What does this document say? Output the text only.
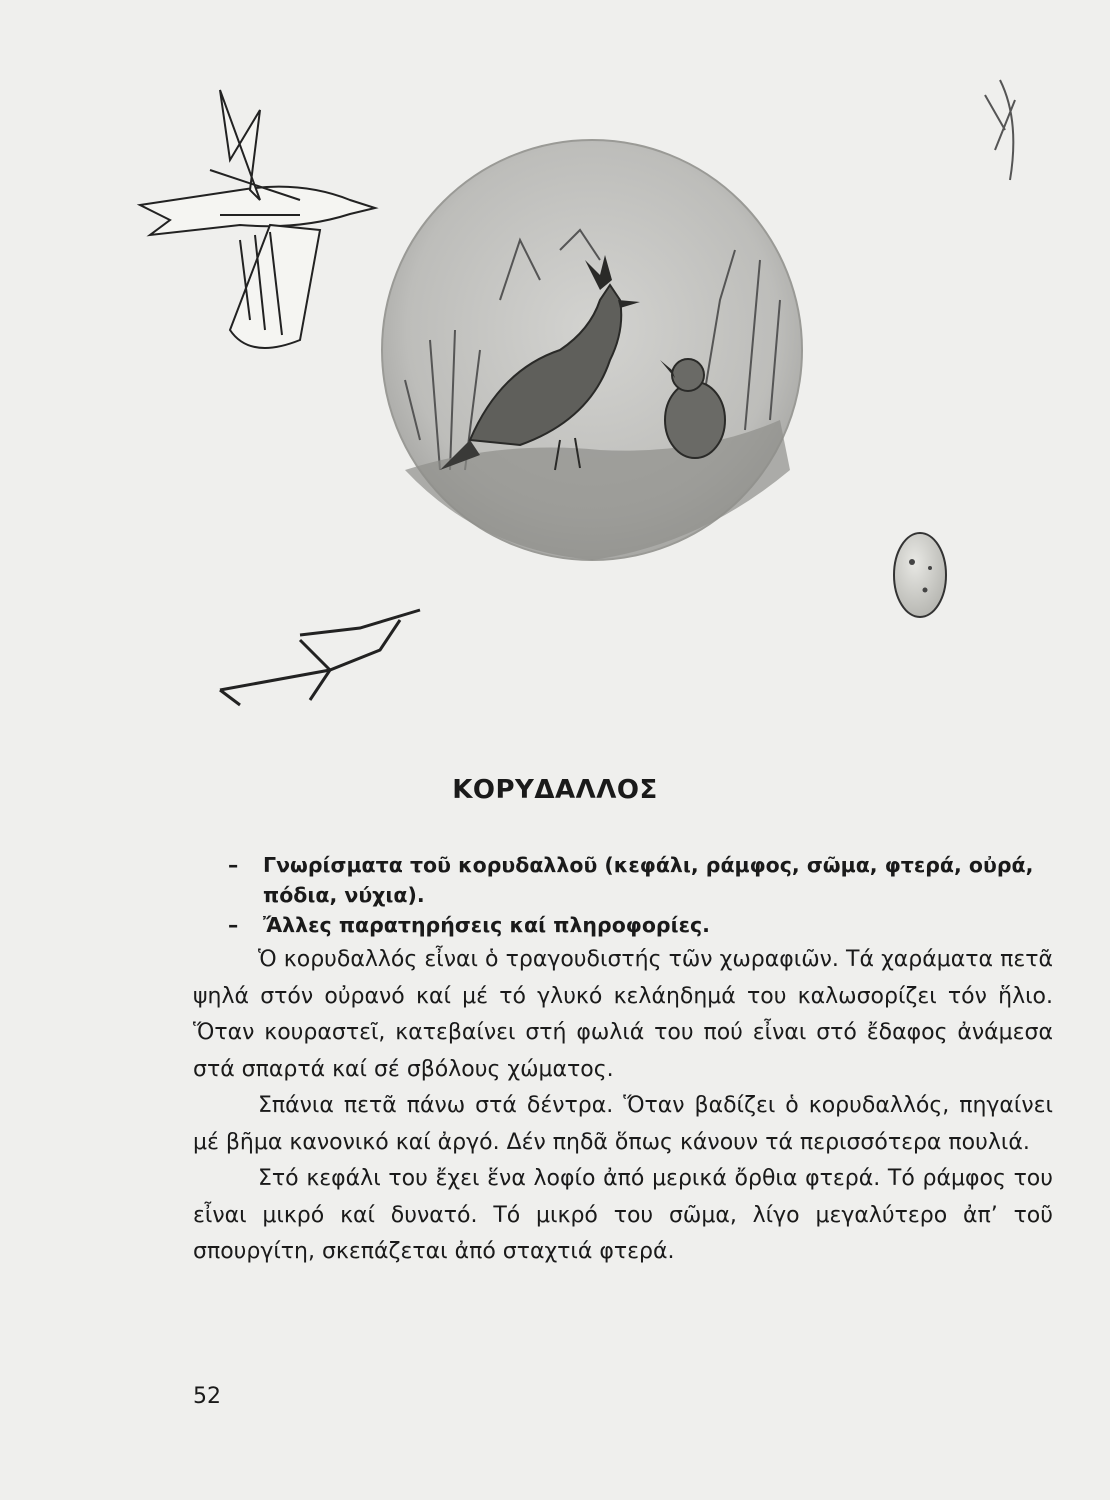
ΚΟΡΥΔΑΛΛΟΣ
– Γνωρίσματα τοῦ κορυδαλλοῦ (κεφάλι, ράμφος, σῶμα, φτερά, οὐρά, πόδια, νύχια).
– Ἄλλες παρατηρήσεις καί πληροφορίες.

Ὁ κορυδαλλός εἶναι ὁ τραγουδιστής τῶν χωραφιῶν. Τά χαράματα πετᾶ ψηλά στόν οὐρανό καί μέ τό γλυκό κελάηδημά του καλωσορίζει τόν ἥλιο. Ὅταν κουραστεῖ, κατεβαίνει στή φωλιά του πού εἶναι στό ἔδαφος ἀνάμεσα στά σπαρτά καί σέ σβόλους χώματος.

Σπάνια πετᾶ πάνω στά δέντρα. Ὅταν βαδίζει ὁ κορυδαλλός, πηγαίνει μέ βῆμα κανονικό καί ἀργό. Δέν πηδᾶ ὅπως κάνουν τά περισσότερα πουλιά.

Στό κεφάλι του ἔχει ἕνα λοφίο ἀπό μερικά ὄρθια φτερά. Τό ράμφος του εἶναι μικρό καί δυνατό. Τό μικρό του σῶμα, λίγο μεγαλύτερο ἀπ’ τοῦ σπουργίτη, σκεπάζεται ἀπό σταχτιά φτερά.

52
